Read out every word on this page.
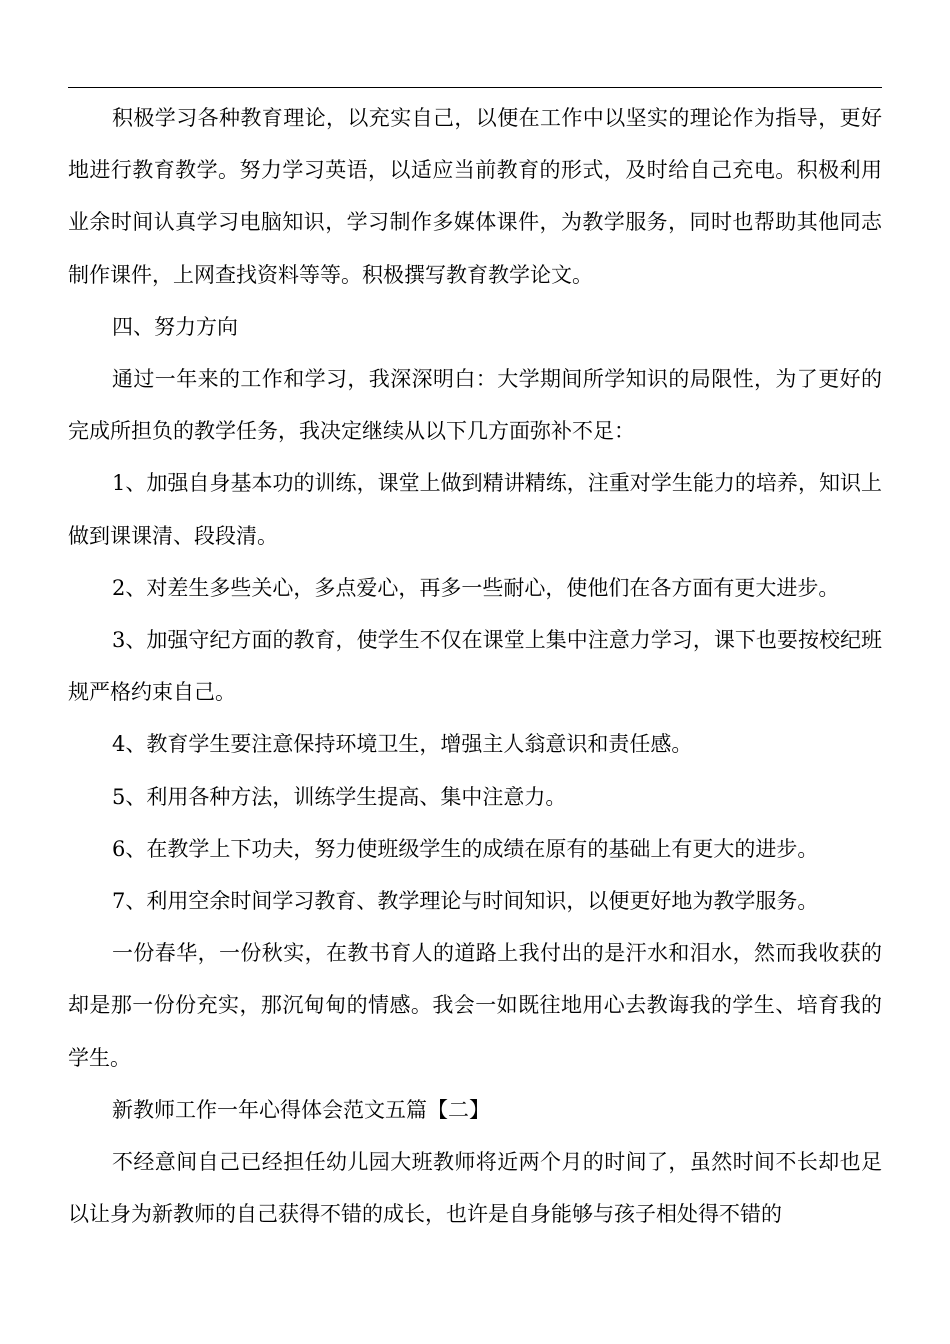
积极学习各种教育理论，以充实自己，以便在工作中以坚实的理论作为指导，更好地进行教育教学。努力学习英语，以适应当前教育的形式，及时给自己充电。积极利用业余时间认真学习电脑知识，学习制作多媒体课件，为教学服务，同时也帮助其他同志制作课件，上网查找资料等等。积极撰写教育教学论文。

四、努力方向

通过一年来的工作和学习，我深深明白：大学期间所学知识的局限性，为了更好的完成所担负的教学任务，我决定继续从以下几方面弥补不足：

1、加强自身基本功的训练，课堂上做到精讲精练，注重对学生能力的培养，知识上做到课课清、段段清。

2、对差生多些关心，多点爱心，再多一些耐心，使他们在各方面有更大进步。

3、加强守纪方面的教育，使学生不仅在课堂上集中注意力学习，课下也要按校纪班规严格约束自己。

4、教育学生要注意保持环境卫生，增强主人翁意识和责任感。

5、利用各种方法，训练学生提高、集中注意力。

6、在教学上下功夫，努力使班级学生的成绩在原有的基础上有更大的进步。

7、利用空余时间学习教育、教学理论与时间知识，以便更好地为教学服务。

一份春华，一份秋实，在教书育人的道路上我付出的是汗水和泪水，然而我收获的却是那一份份充实，那沉甸甸的情感。我会一如既往地用心去教诲我的学生、培育我的学生。

新教师工作一年心得体会范文五篇【二】

不经意间自己已经担任幼儿园大班教师将近两个月的时间了，虽然时间不长却也足以让身为新教师的自己获得不错的成长，也许是自身能够与孩子相处得不错的
